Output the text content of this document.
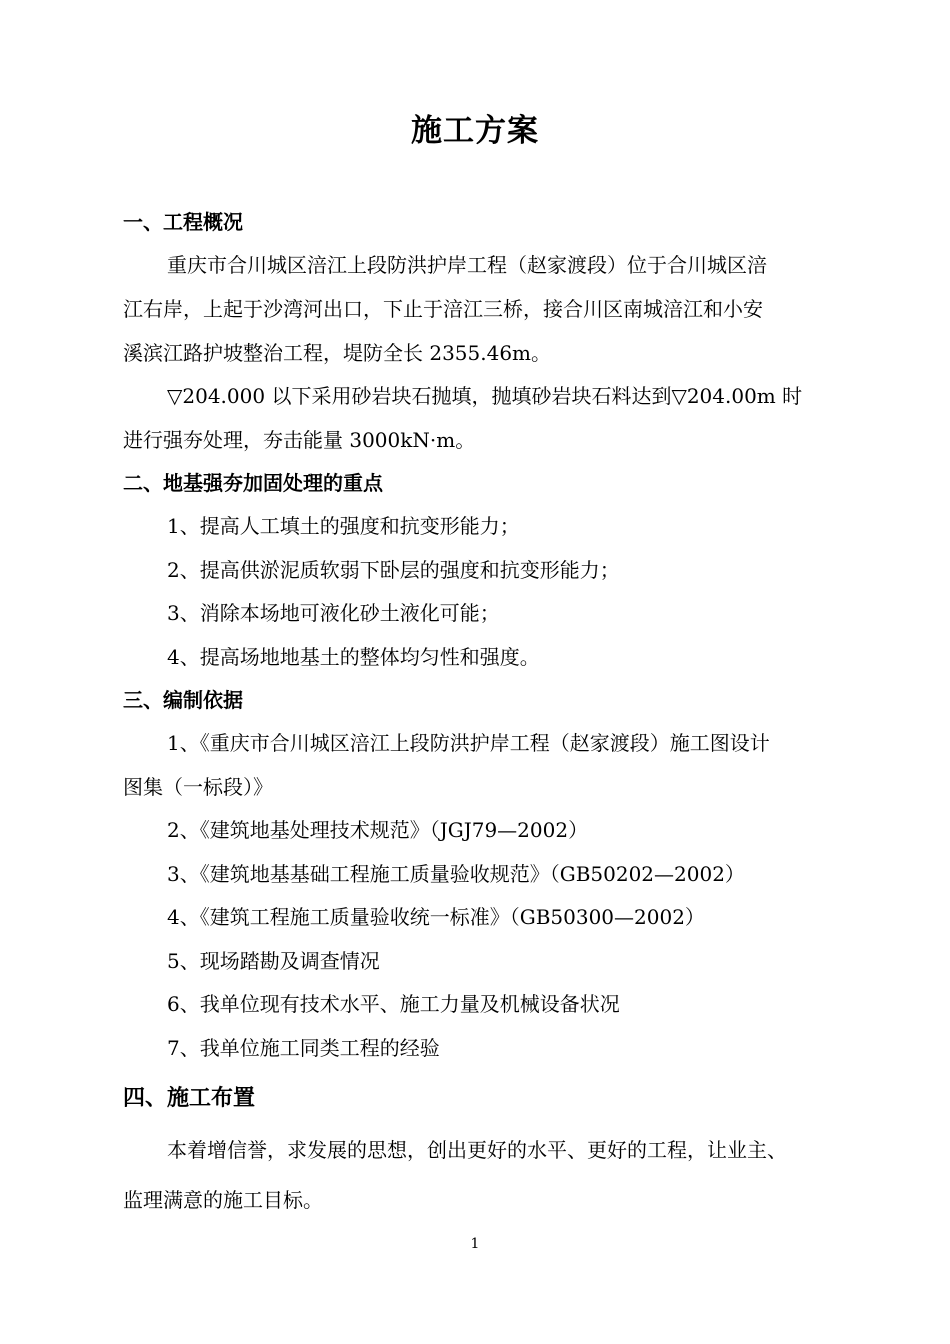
施工方案
一、工程概况
重庆市合川城区涪江上段防洪护岸工程（赵家渡段）位于合川城区涪
江右岸，上起于沙湾河出口，下止于涪江三桥，接合川区南城涪江和小安
溪滨江路护坡整治工程，堤防全长 2355.46m。
▽204.000 以下采用砂岩块石抛填，抛填砂岩块石料达到▽204.00m 时
进行强夯处理，夯击能量 3000kN·m。
二、地基强夯加固处理的重点
1、提高人工填土的强度和抗变形能力；
2、提高供淤泥质软弱下卧层的强度和抗变形能力；
3、消除本场地可液化砂土液化可能；
4、提高场地地基土的整体均匀性和强度。
三、编制依据
1、《重庆市合川城区涪江上段防洪护岸工程（赵家渡段）施工图设计
图集（一标段）》
2、《建筑地基处理技术规范》（JGJ79—2002）
3、《建筑地基基础工程施工质量验收规范》（GB50202—2002）
4、《建筑工程施工质量验收统一标准》（GB50300—2002）
5、现场踏勘及调查情况
6、我单位现有技术水平、施工力量及机械设备状况
7、我单位施工同类工程的经验
四、施工布置
本着增信誉，求发展的思想，创出更好的水平、更好的工程，让业主、
监理满意的施工目标。
1
